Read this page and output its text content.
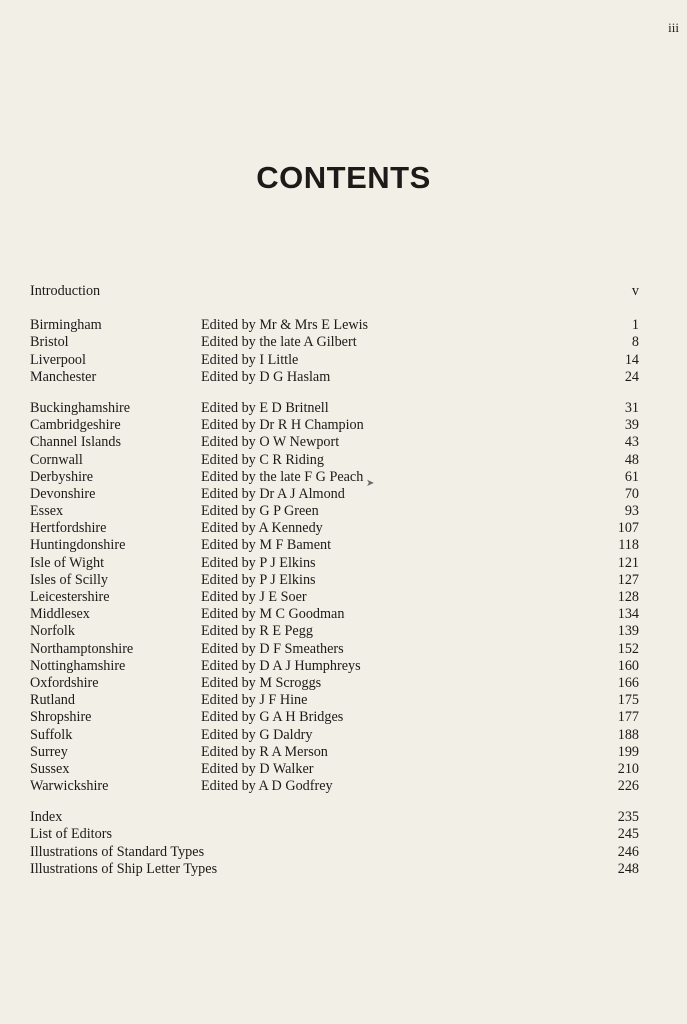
iii
CONTENTS
Introduction	v
Birmingham	Edited by Mr & Mrs E Lewis	1
Bristol	Edited by the late A Gilbert	8
Liverpool	Edited by I Little	14
Manchester	Edited by D G Haslam	24
Buckinghamshire	Edited by E D Britnell	31
Cambridgeshire	Edited by Dr R H Champion	39
Channel Islands	Edited by O W Newport	43
Cornwall	Edited by C R Riding	48
Derbyshire	Edited by the late F G Peach	61
Devonshire	Edited by Dr A J Almond	70
Essex	Edited by G P Green	93
Hertfordshire	Edited by A Kennedy	107
Huntingdonshire	Edited by M F Bament	118
Isle of Wight	Edited by P J Elkins	121
Isles of Scilly	Edited by P J Elkins	127
Leicestershire	Edited by J E Soer	128
Middlesex	Edited by M C Goodman	134
Norfolk	Edited by R E Pegg	139
Northamptonshire	Edited by D F Smeathers	152
Nottinghamshire	Edited by D A J Humphreys	160
Oxfordshire	Edited by M Scroggs	166
Rutland	Edited by J F Hine	175
Shropshire	Edited by G A H Bridges	177
Suffolk	Edited by G Daldry	188
Surrey	Edited by R A Merson	199
Sussex	Edited by D Walker	210
Warwickshire	Edited by A D Godfrey	226
Index	235
List of Editors	245
Illustrations of Standard Types	246
Illustrations of Ship Letter Types	248
➤
